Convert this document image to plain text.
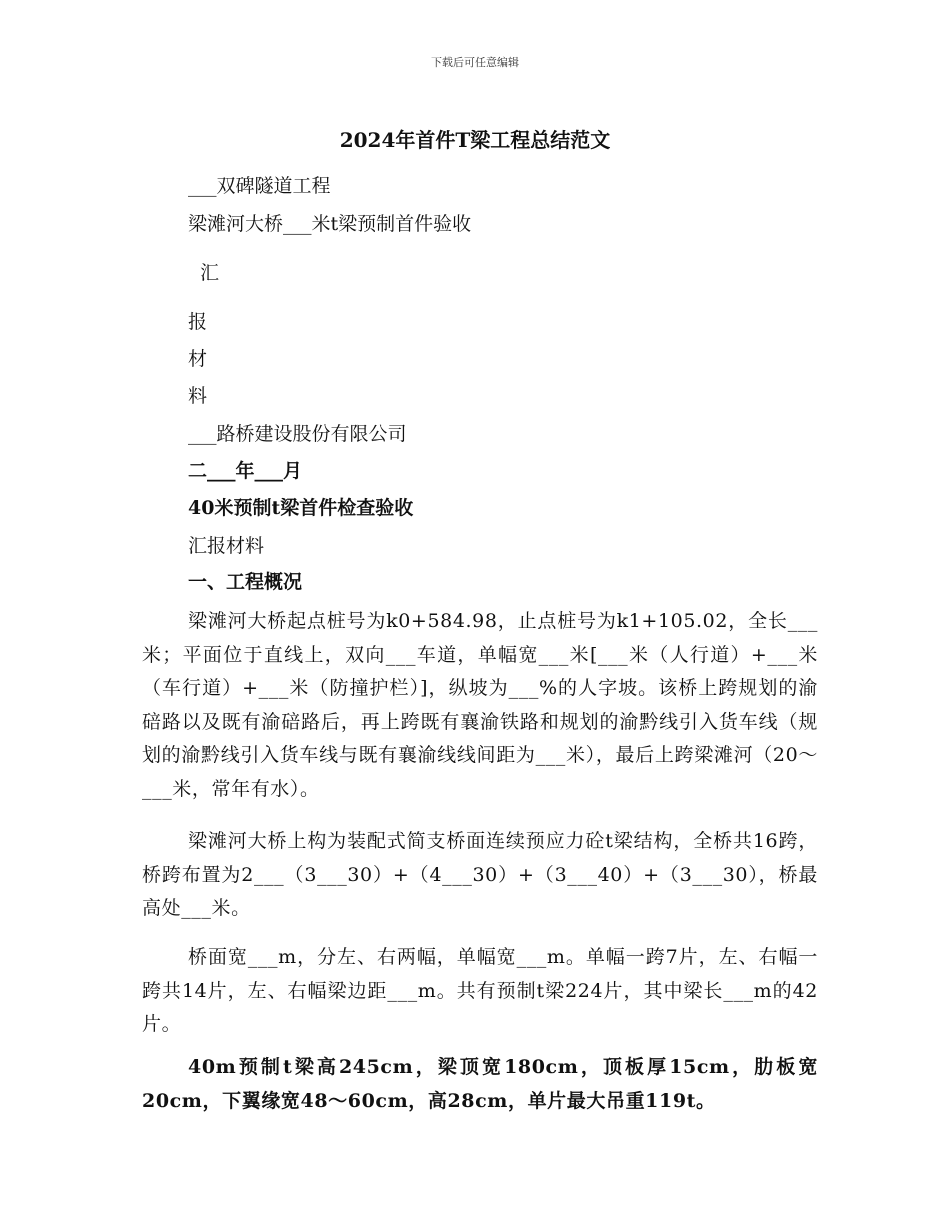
下载后可任意编辑
2024年首件T梁工程总结范文
___双碑隧道工程
梁滩河大桥___米t梁预制首件验收
汇
报
材
料
___路桥建设股份有限公司
二___年___月
40米预制t梁首件检查验收
汇报材料
一、工程概况
梁滩河大桥起点桩号为k0+584.98，止点桩号为k1+105.02，全长___米；平面位于直线上，双向___车道，单幅宽___米[___米（人行道）+___米（车行道）+___米（防撞护栏）]，纵坡为___%的人字坡。该桥上跨规划的渝碚路以及既有渝碚路后，再上跨既有襄渝铁路和规划的渝黔线引入货车线（规划的渝黔线引入货车线与既有襄渝线线间距为___米），最后上跨梁滩河（20～___米，常年有水）。
梁滩河大桥上构为装配式简支桥面连续预应力砼t梁结构，全桥共16跨，桥跨布置为2___（3___30）+（4___30）+（3___40）+（3___30），桥最高处___米。
桥面宽___m，分左、右两幅，单幅宽___m。单幅一跨7片，左、右幅一跨共14片，左、右幅梁边距___m。共有预制t梁224片，其中梁长___m的42片。
40m预制t梁高245cm，梁顶宽180cm，顶板厚15cm，肋板宽20cm，下翼缘宽48～60cm，高28cm，单片最大吊重119t。
